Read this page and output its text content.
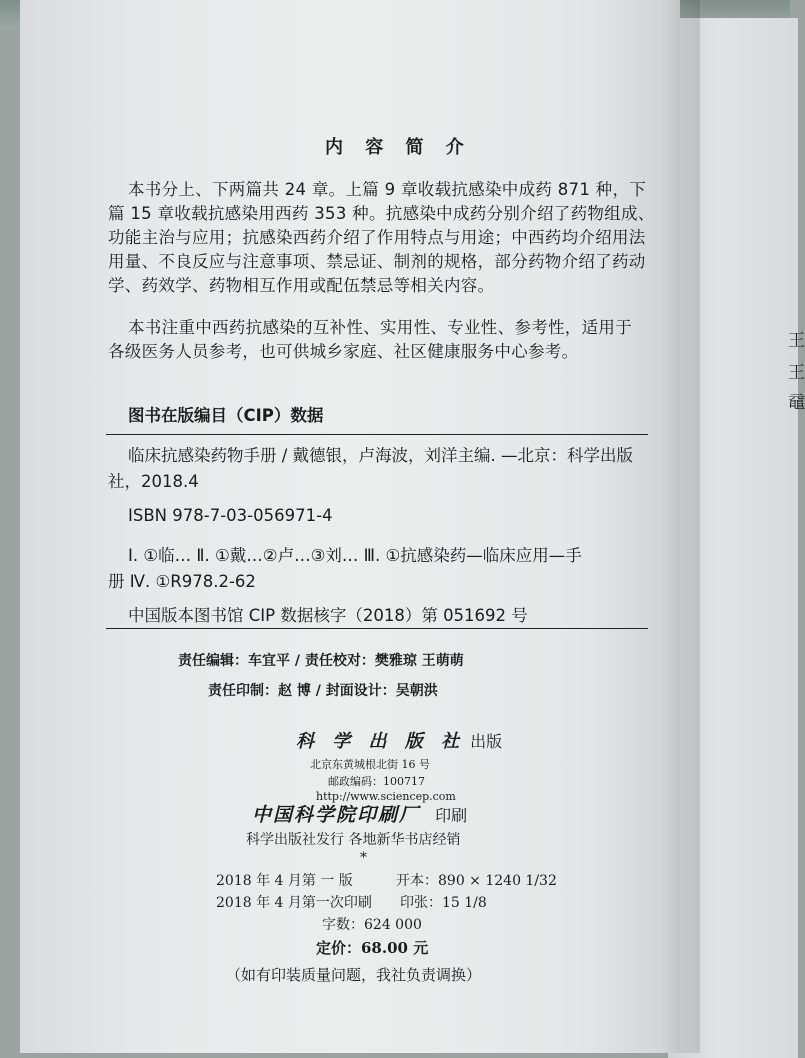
王
王
黿
内 容 简 介
本书分上、下两篇共 24 章。上篇 9 章收载抗感染中成药 871 种，下
篇 15 章收载抗感染用西药 353 种。抗感染中成药分别介绍了药物组成、
功能主治与应用；抗感染西药介绍了作用特点与用途；中西药均介绍用法
用量、不良反应与注意事项、禁忌证、制剂的规格，部分药物介绍了药动
学、药效学、药物相互作用或配伍禁忌等相关内容。
本书注重中西药抗感染的互补性、实用性、专业性、参考性，适用于
各级医务人员参考，也可供城乡家庭、社区健康服务中心参考。
图书在版编目（CIP）数据
临床抗感染药物手册 / 戴德银，卢海波，刘洋主编. —北京：科学出版
社，2018.4
ISBN 978-7-03-056971-4
Ⅰ. ①临… Ⅱ. ①戴…②卢…③刘… Ⅲ. ①抗感染药—临床应用—手
册 Ⅳ. ①R978.2-62
中国版本图书馆 CIP 数据核字（2018）第 051692 号
责任编辑：车宜平 / 责任校对：樊雅琼 王萌萌
责任印制：赵 博 / 封面设计：吴朝洪
科 学 出 版 社 出版
北京东黄城根北街 16 号
邮政编码：100717
http://www.sciencep.com
中国科学院印刷厂 印刷
科学出版社发行 各地新华书店经销
*
2018 年 4 月第 一 版	开本：890 × 1240 1/32
2018 年 4 月第一次印刷 印张：15 1/8
字数：624 000
定价：68.00 元
（如有印装质量问题，我社负责调换）
